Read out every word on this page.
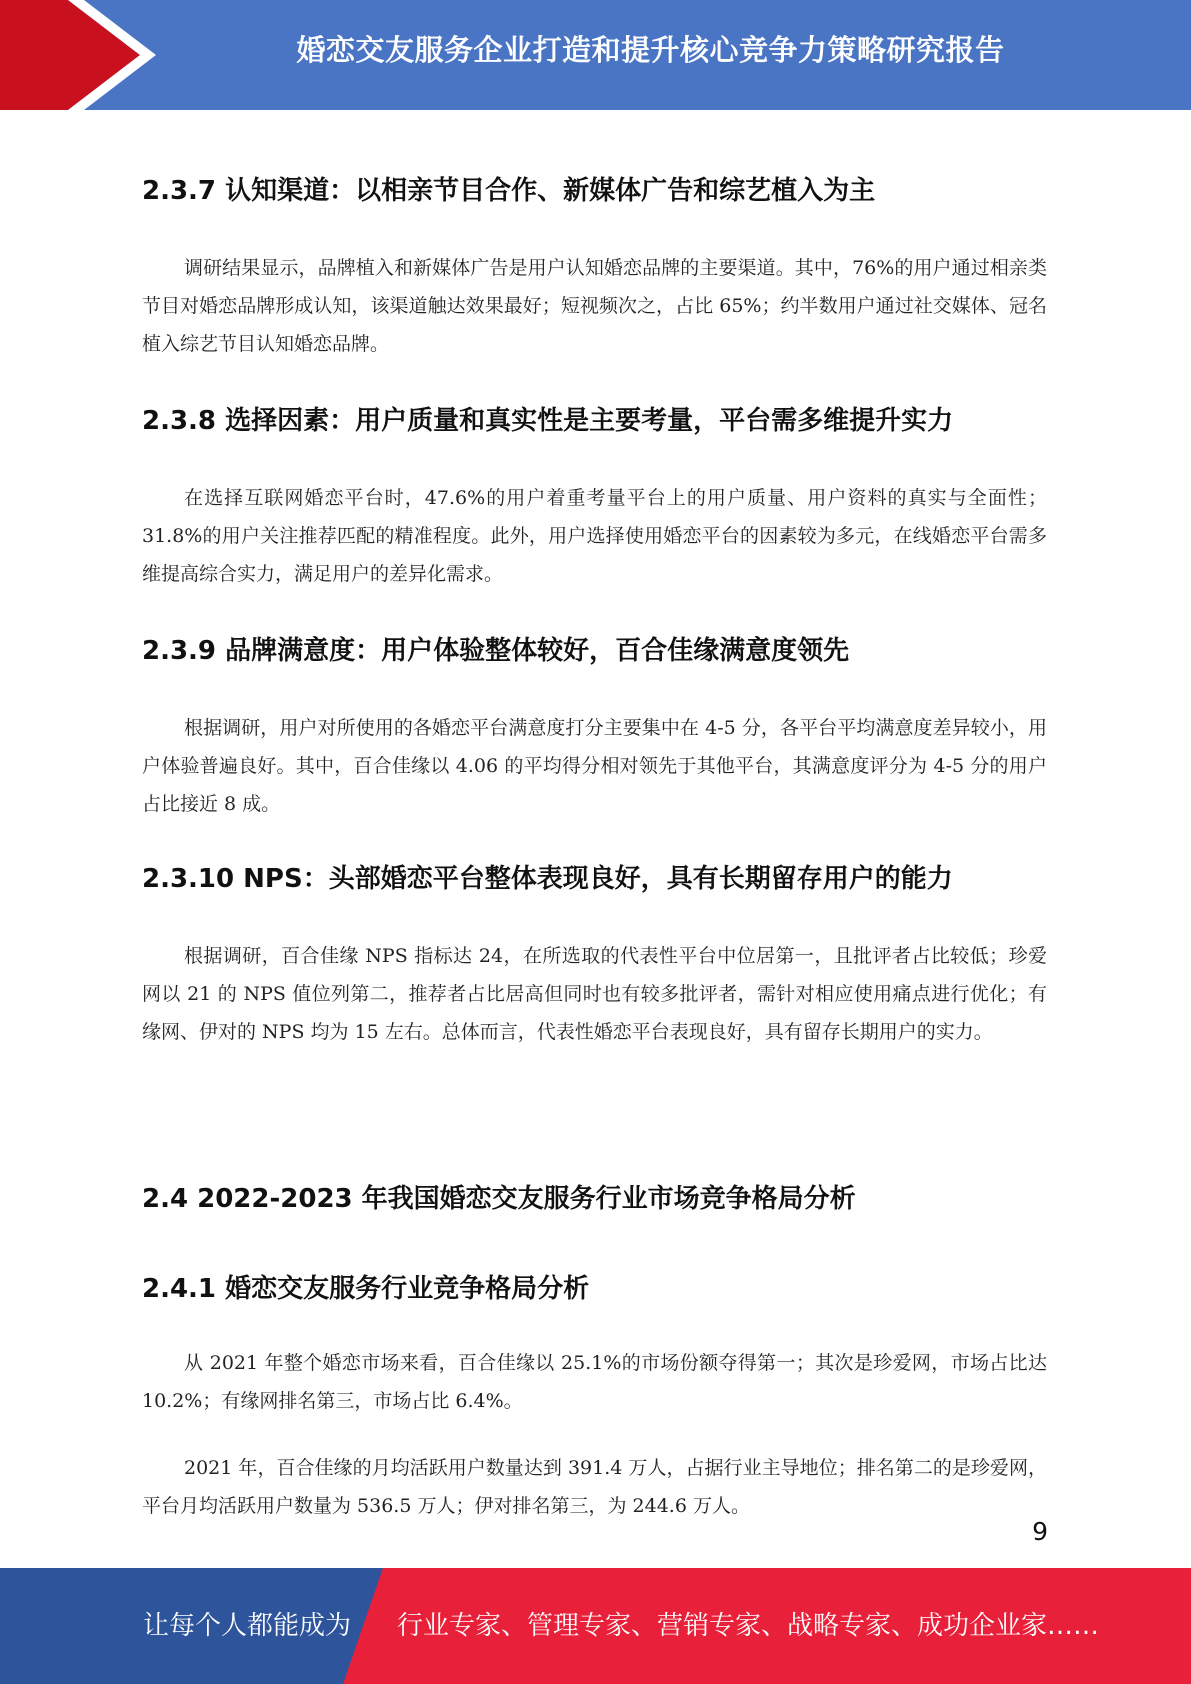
婚恋交友服务企业打造和提升核心竞争力策略研究报告
2.3.7 认知渠道：以相亲节目合作、新媒体广告和综艺植入为主
调研结果显示，品牌植入和新媒体广告是用户认知婚恋品牌的主要渠道。其中，76%的用户通过相亲类节目对婚恋品牌形成认知，该渠道触达效果最好；短视频次之，占比 65%；约半数用户通过社交媒体、冠名植入综艺节目认知婚恋品牌。
2.3.8 选择因素：用户质量和真实性是主要考量，平台需多维提升实力
在选择互联网婚恋平台时，47.6%的用户着重考量平台上的用户质量、用户资料的真实与全面性；31.8%的用户关注推荐匹配的精准程度。此外，用户选择使用婚恋平台的因素较为多元，在线婚恋平台需多维提高综合实力，满足用户的差异化需求。
2.3.9 品牌满意度：用户体验整体较好，百合佳缘满意度领先
根据调研，用户对所使用的各婚恋平台满意度打分主要集中在 4-5 分，各平台平均满意度差异较小，用户体验普遍良好。其中，百合佳缘以 4.06 的平均得分相对领先于其他平台，其满意度评分为 4-5 分的用户占比接近 8 成。
2.3.10 NPS：头部婚恋平台整体表现良好，具有长期留存用户的能力
根据调研，百合佳缘 NPS 指标达 24，在所选取的代表性平台中位居第一，且批评者占比较低；珍爱网以 21 的 NPS 值位列第二，推荐者占比居高但同时也有较多批评者，需针对相应使用痛点进行优化；有缘网、伊对的 NPS 均为 15 左右。总体而言，代表性婚恋平台表现良好，具有留存长期用户的实力。
2.4 2022-2023 年我国婚恋交友服务行业市场竞争格局分析
2.4.1 婚恋交友服务行业竞争格局分析
从 2021 年整个婚恋市场来看，百合佳缘以 25.1%的市场份额夺得第一；其次是珍爱网，市场占比达 10.2%；有缘网排名第三，市场占比 6.4%。
2021 年，百合佳缘的月均活跃用户数量达到 391.4 万人，占据行业主导地位；排名第二的是珍爱网，平台月均活跃用户数量为 536.5 万人；伊对排名第三，为 244.6 万人。
9
让每个人都能成为 行业专家、管理专家、营销专家、战略专家、成功企业家……
